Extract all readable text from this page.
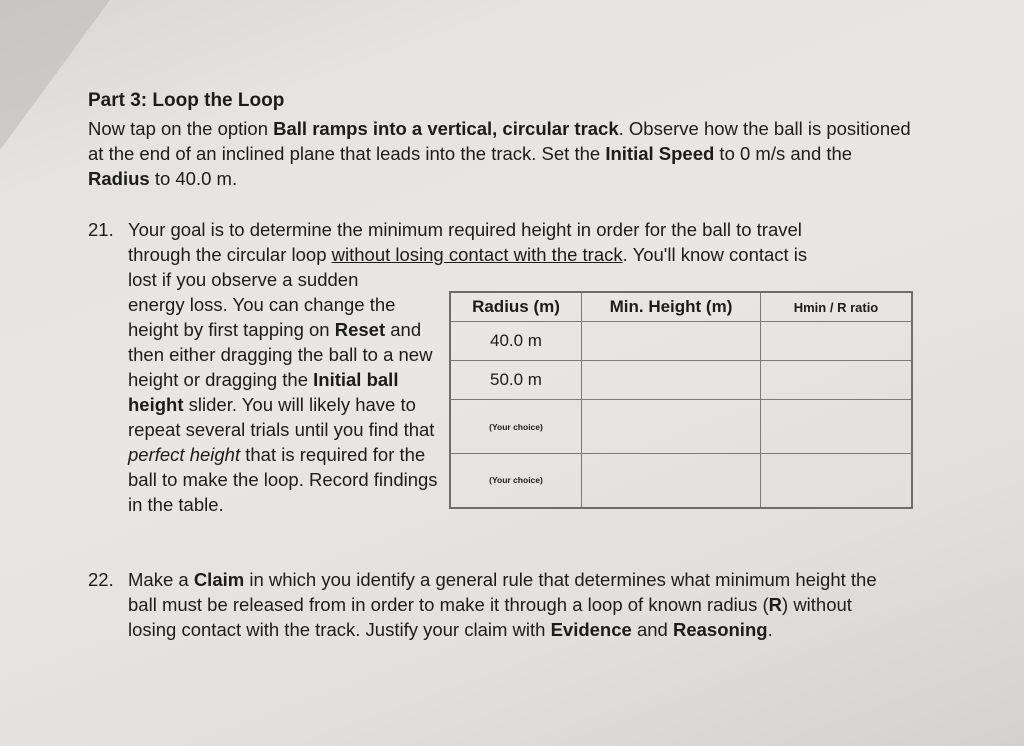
Part 3: Loop the Loop
Now tap on the option Ball ramps into a vertical, circular track. Observe how the ball is positioned at the end of an inclined plane that leads into the track. Set the Initial Speed to 0 m/s and the Radius to 40.0 m.
21. Your goal is to determine the minimum required height in order for the ball to travel
through the circular loop without losing contact with the track. You'll know contact is
lost if you observe a sudden
energy loss. You can change the height by first tapping on Reset and then either dragging the ball to a new height or dragging the Initial ball height slider. You will likely have to repeat several trials until you find that perfect height that is required for the ball to make the loop. Record findings in the table.
Radius (m)	Min. Height (m)	Hmin / R ratio
40.0 m		
50.0 m		
(Your choice)		
(Your choice)		
22. Make a Claim in which you identify a general rule that determines what minimum height the ball must be released from in order to make it through a loop of known radius (R) without losing contact with the track. Justify your claim with Evidence and Reasoning.
